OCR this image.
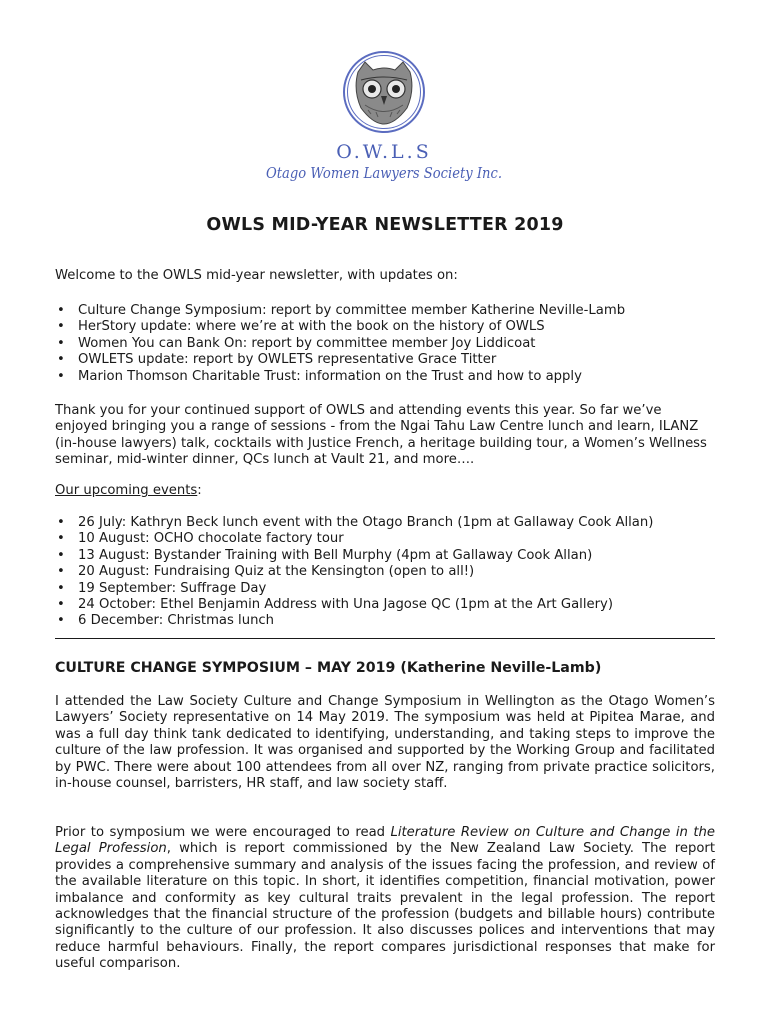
O.W.L.S
Otago Women Lawyers Society Inc.
OWLS MID-YEAR NEWSLETTER 2019
Welcome to the OWLS mid-year newsletter, with updates on:
• Culture Change Symposium: report by committee member Katherine Neville-Lamb
• HerStory update: where we’re at with the book on the history of OWLS
• Women You can Bank On: report by committee member Joy Liddicoat
• OWLETS update: report by OWLETS representative Grace Titter
• Marion Thomson Charitable Trust: information on the Trust and how to apply
Thank you for your continued support of OWLS and attending events this year. So far we’ve enjoyed bringing you a range of sessions - from the Ngai Tahu Law Centre lunch and learn, ILANZ (in-house lawyers) talk, cocktails with Justice French, a heritage building tour, a Women’s Wellness seminar, mid-winter dinner, QCs lunch at Vault 21, and more….
Our upcoming events:
• 26 July: Kathryn Beck lunch event with the Otago Branch (1pm at Gallaway Cook Allan)
• 10 August: OCHO chocolate factory tour
• 13 August: Bystander Training with Bell Murphy (4pm at Gallaway Cook Allan)
• 20 August: Fundraising Quiz at the Kensington (open to all!)
• 19 September: Suffrage Day
• 24 October: Ethel Benjamin Address with Una Jagose QC (1pm at the Art Gallery)
• 6 December: Christmas lunch
CULTURE CHANGE SYMPOSIUM – MAY 2019 (Katherine Neville-Lamb)
I attended the Law Society Culture and Change Symposium in Wellington as the Otago Women’s Lawyers’ Society representative on 14 May 2019. The symposium was held at Pipitea Marae, and was a full day think tank dedicated to identifying, understanding, and taking steps to improve the culture of the law profession. It was organised and supported by the Working Group and facilitated by PWC. There were about 100 attendees from all over NZ, ranging from private practice solicitors, in-house counsel, barristers, HR staff, and law society staff.
Prior to symposium we were encouraged to read Literature Review on Culture and Change in the Legal Profession, which is report commissioned by the New Zealand Law Society. The report provides a comprehensive summary and analysis of the issues facing the profession, and review of the available literature on this topic. In short, it identifies competition, financial motivation, power imbalance and conformity as key cultural traits prevalent in the legal profession. The report acknowledges that the financial structure of the profession (budgets and billable hours) contribute significantly to the culture of our profession. It also discusses polices and interventions that may reduce harmful behaviours. Finally, the report compares jurisdictional responses that make for useful comparison.
